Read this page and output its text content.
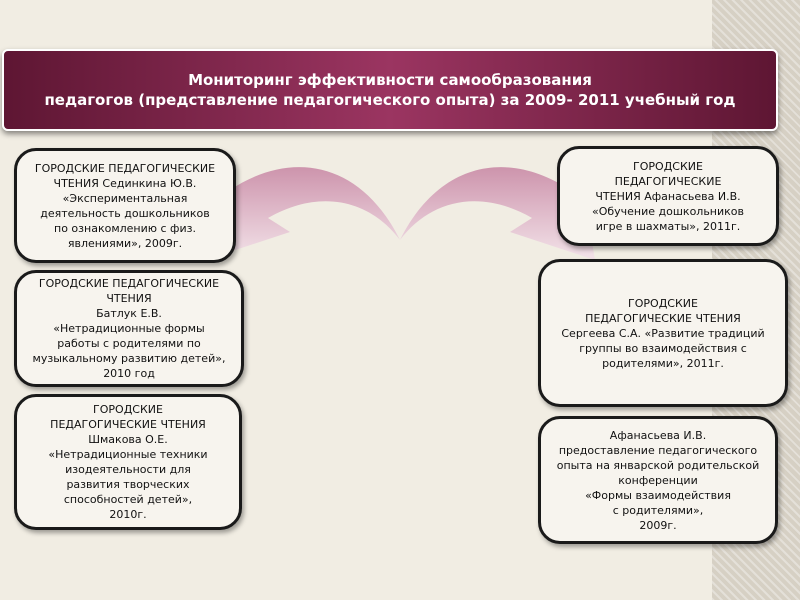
Мониторинг эффективности самообразования
педагогов (представление педагогического опыта) за 2009- 2011 учебный год
ГОРОДСКИЕ ПЕДАГОГИЧЕСКИЕ
ЧТЕНИЯ Сединкина Ю.В.
«Экспериментальная
деятельность дошкольников
по ознакомлению с физ.
явлениями», 2009г.
ГОРОДСКИЕ ПЕДАГОГИЧЕСКИЕ
ЧТЕНИЯ
Батлук Е.В.
«Нетрадиционные формы
работы с родителями по
музыкальному развитию детей»,
2010 год
ГОРОДСКИЕ
ПЕДАГОГИЧЕСКИЕ ЧТЕНИЯ
Шмакова О.Е.
«Нетрадиционные техники
изодеятельности для
развития творческих
способностей детей»,
2010г.
ГОРОДСКИЕ
ПЕДАГОГИЧЕСКИЕ
ЧТЕНИЯ Афанасьева И.В.
«Обучение дошкольников
игре в шахматы», 2011г.
ГОРОДСКИЕ
ПЕДАГОГИЧЕСКИЕ ЧТЕНИЯ
Сергеева С.А. «Развитие традиций
группы во взаимодействия с
родителями», 2011г.
Афанасьева И.В.
предоставление педагогического
опыта на январской родительской
конференции
«Формы взаимодействия
с родителями»,
2009г.
